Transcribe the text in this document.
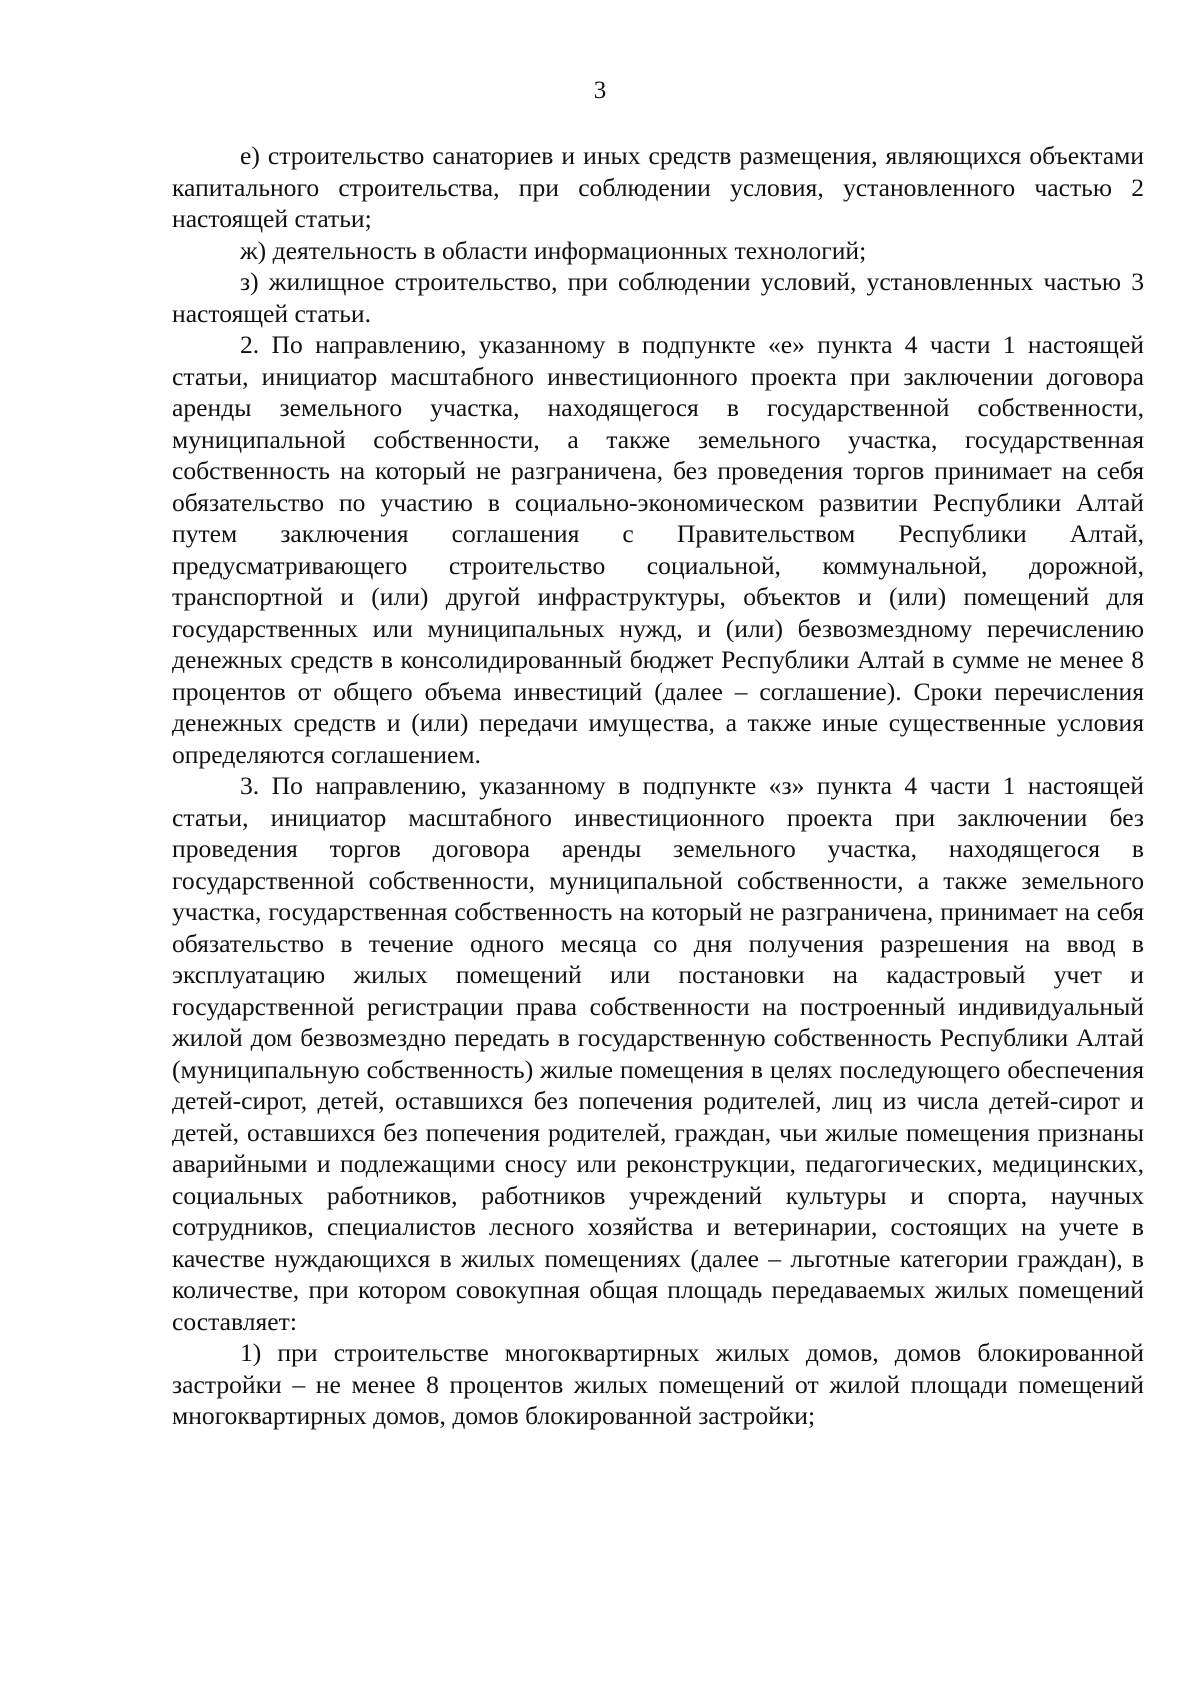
3

е) строительство санаториев и иных средств размещения, являющихся объектами капитального строительства, при соблюдении условия, установленного частью 2 настоящей статьи;

ж) деятельность в области информационных технологий;

з) жилищное строительство, при соблюдении условий, установленных частью 3 настоящей статьи.

2. По направлению, указанному в подпункте «е» пункта 4 части 1 настоящей статьи, инициатор масштабного инвестиционного проекта при заключении договора аренды земельного участка, находящегося в государственной собственности, муниципальной собственности, а также земельного участка, государственная собственность на который не разграничена, без проведения торгов принимает на себя обязательство по участию в социально-экономическом развитии Республики Алтай путем заключения соглашения с Правительством Республики Алтай, предусматривающего строительство социальной, коммунальной, дорожной, транспортной и (или) другой инфраструктуры, объектов и (или) помещений для государственных или муниципальных нужд, и (или) безвозмездному перечислению денежных средств в консолидированный бюджет Республики Алтай в сумме не менее 8 процентов от общего объема инвестиций (далее – соглашение). Сроки перечисления денежных средств и (или) передачи имущества, а также иные существенные условия определяются соглашением.

3. По направлению, указанному в подпункте «з» пункта 4 части 1 настоящей статьи, инициатор масштабного инвестиционного проекта при заключении без проведения торгов договора аренды земельного участка, находящегося в государственной собственности, муниципальной собственности, а также земельного участка, государственная собственность на который не разграничена, принимает на себя обязательство в течение одного месяца со дня получения разрешения на ввод в эксплуатацию жилых помещений или постановки на кадастровый учет и государственной регистрации права собственности на построенный индивидуальный жилой дом безвозмездно передать в государственную собственность Республики Алтай (муниципальную собственность) жилые помещения в целях последующего обеспечения детей-сирот, детей, оставшихся без попечения родителей, лиц из числа детей-сирот и детей, оставшихся без попечения родителей, граждан, чьи жилые помещения признаны аварийными и подлежащими сносу или реконструкции, педагогических, медицинских, социальных работников, работников учреждений культуры и спорта, научных сотрудников, специалистов лесного хозяйства и ветеринарии, состоящих на учете в качестве нуждающихся в жилых помещениях (далее – льготные категории граждан), в количестве, при котором совокупная общая площадь передаваемых жилых помещений составляет:

1) при строительстве многоквартирных жилых домов, домов блокированной застройки – не менее 8 процентов жилых помещений от жилой площади помещений многоквартирных домов, домов блокированной застройки;
